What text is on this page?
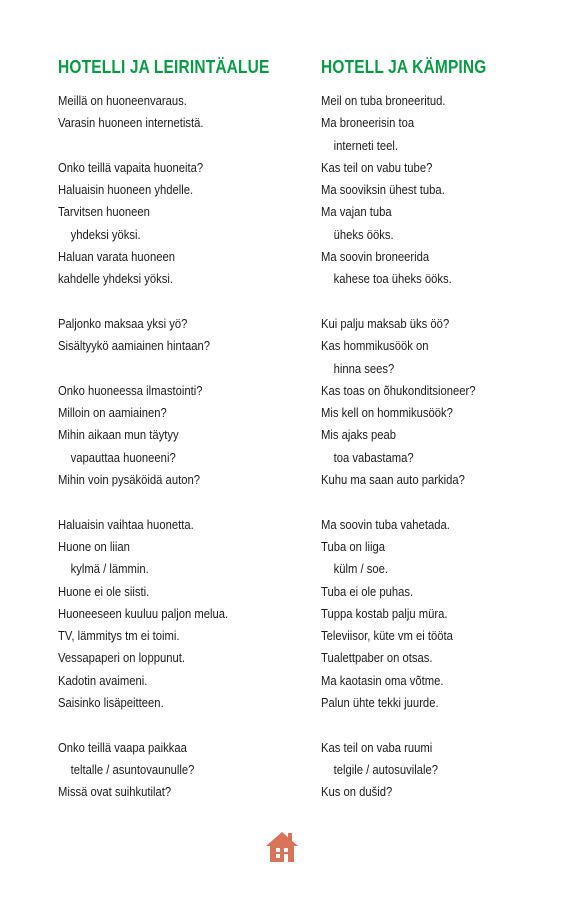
HOTELLI JA LEIRINTÄALUE
Meillä on huoneenvaraus.
Varasin huoneen internetistä.
Onko teillä vapaita huoneita?
Haluaisin huoneen yhdelle.
Tarvitsen huoneen
yhdeksi yöksi.
Haluan varata huoneen
kahdelle yhdeksi yöksi.
Paljonko maksaa yksi yö?
Sisältyykö aamiainen hintaan?
Onko huoneessa ilmastointi?
Milloin on aamiainen?
Mihin aikaan mun täytyy
vapauttaa huoneeni?
Mihin voin pysäköidä auton?
Haluaisin vaihtaa huonetta.
Huone on liian
kylmä / lämmin.
Huone ei ole siisti.
Huoneeseen kuuluu paljon melua.
TV, lämmitys tm ei toimi.
Vessapaperi on loppunut.
Kadotin avaimeni.
Saisinko lisäpeitteen.
Onko teillä vaapa paikkaa
teltalle / asuntovaunulle?
Missä ovat suihkutilat?
HOTELL JA KÄMPING
Meil on tuba broneeritud.
Ma broneerisin toa
interneti teel.
Kas teil on vabu tube?
Ma sooviksin ühest tuba.
Ma vajan tuba
üheks ööks.
Ma soovin broneerida
kahese toa üheks ööks.
Kui palju maksab üks öö?
Kas hommikusöök on
hinna sees?
Kas toas on õhukonditsioneer?
Mis kell on hommikusöök?
Mis ajaks peab
toa vabastama?
Kuhu ma saan auto parkida?
Ma soovin tuba vahetada.
Tuba on liiga
külm / soe.
Tuba ei ole puhas.
Tuppa kostab palju müra.
Televiisor, küte vm ei tööta
Tualettpaber on otsas.
Ma kaotasin oma võtme.
Palun ühte tekki juurde.
Kas teil on vaba ruumi
telgile / autosuvilale?
Kus on dušid?
